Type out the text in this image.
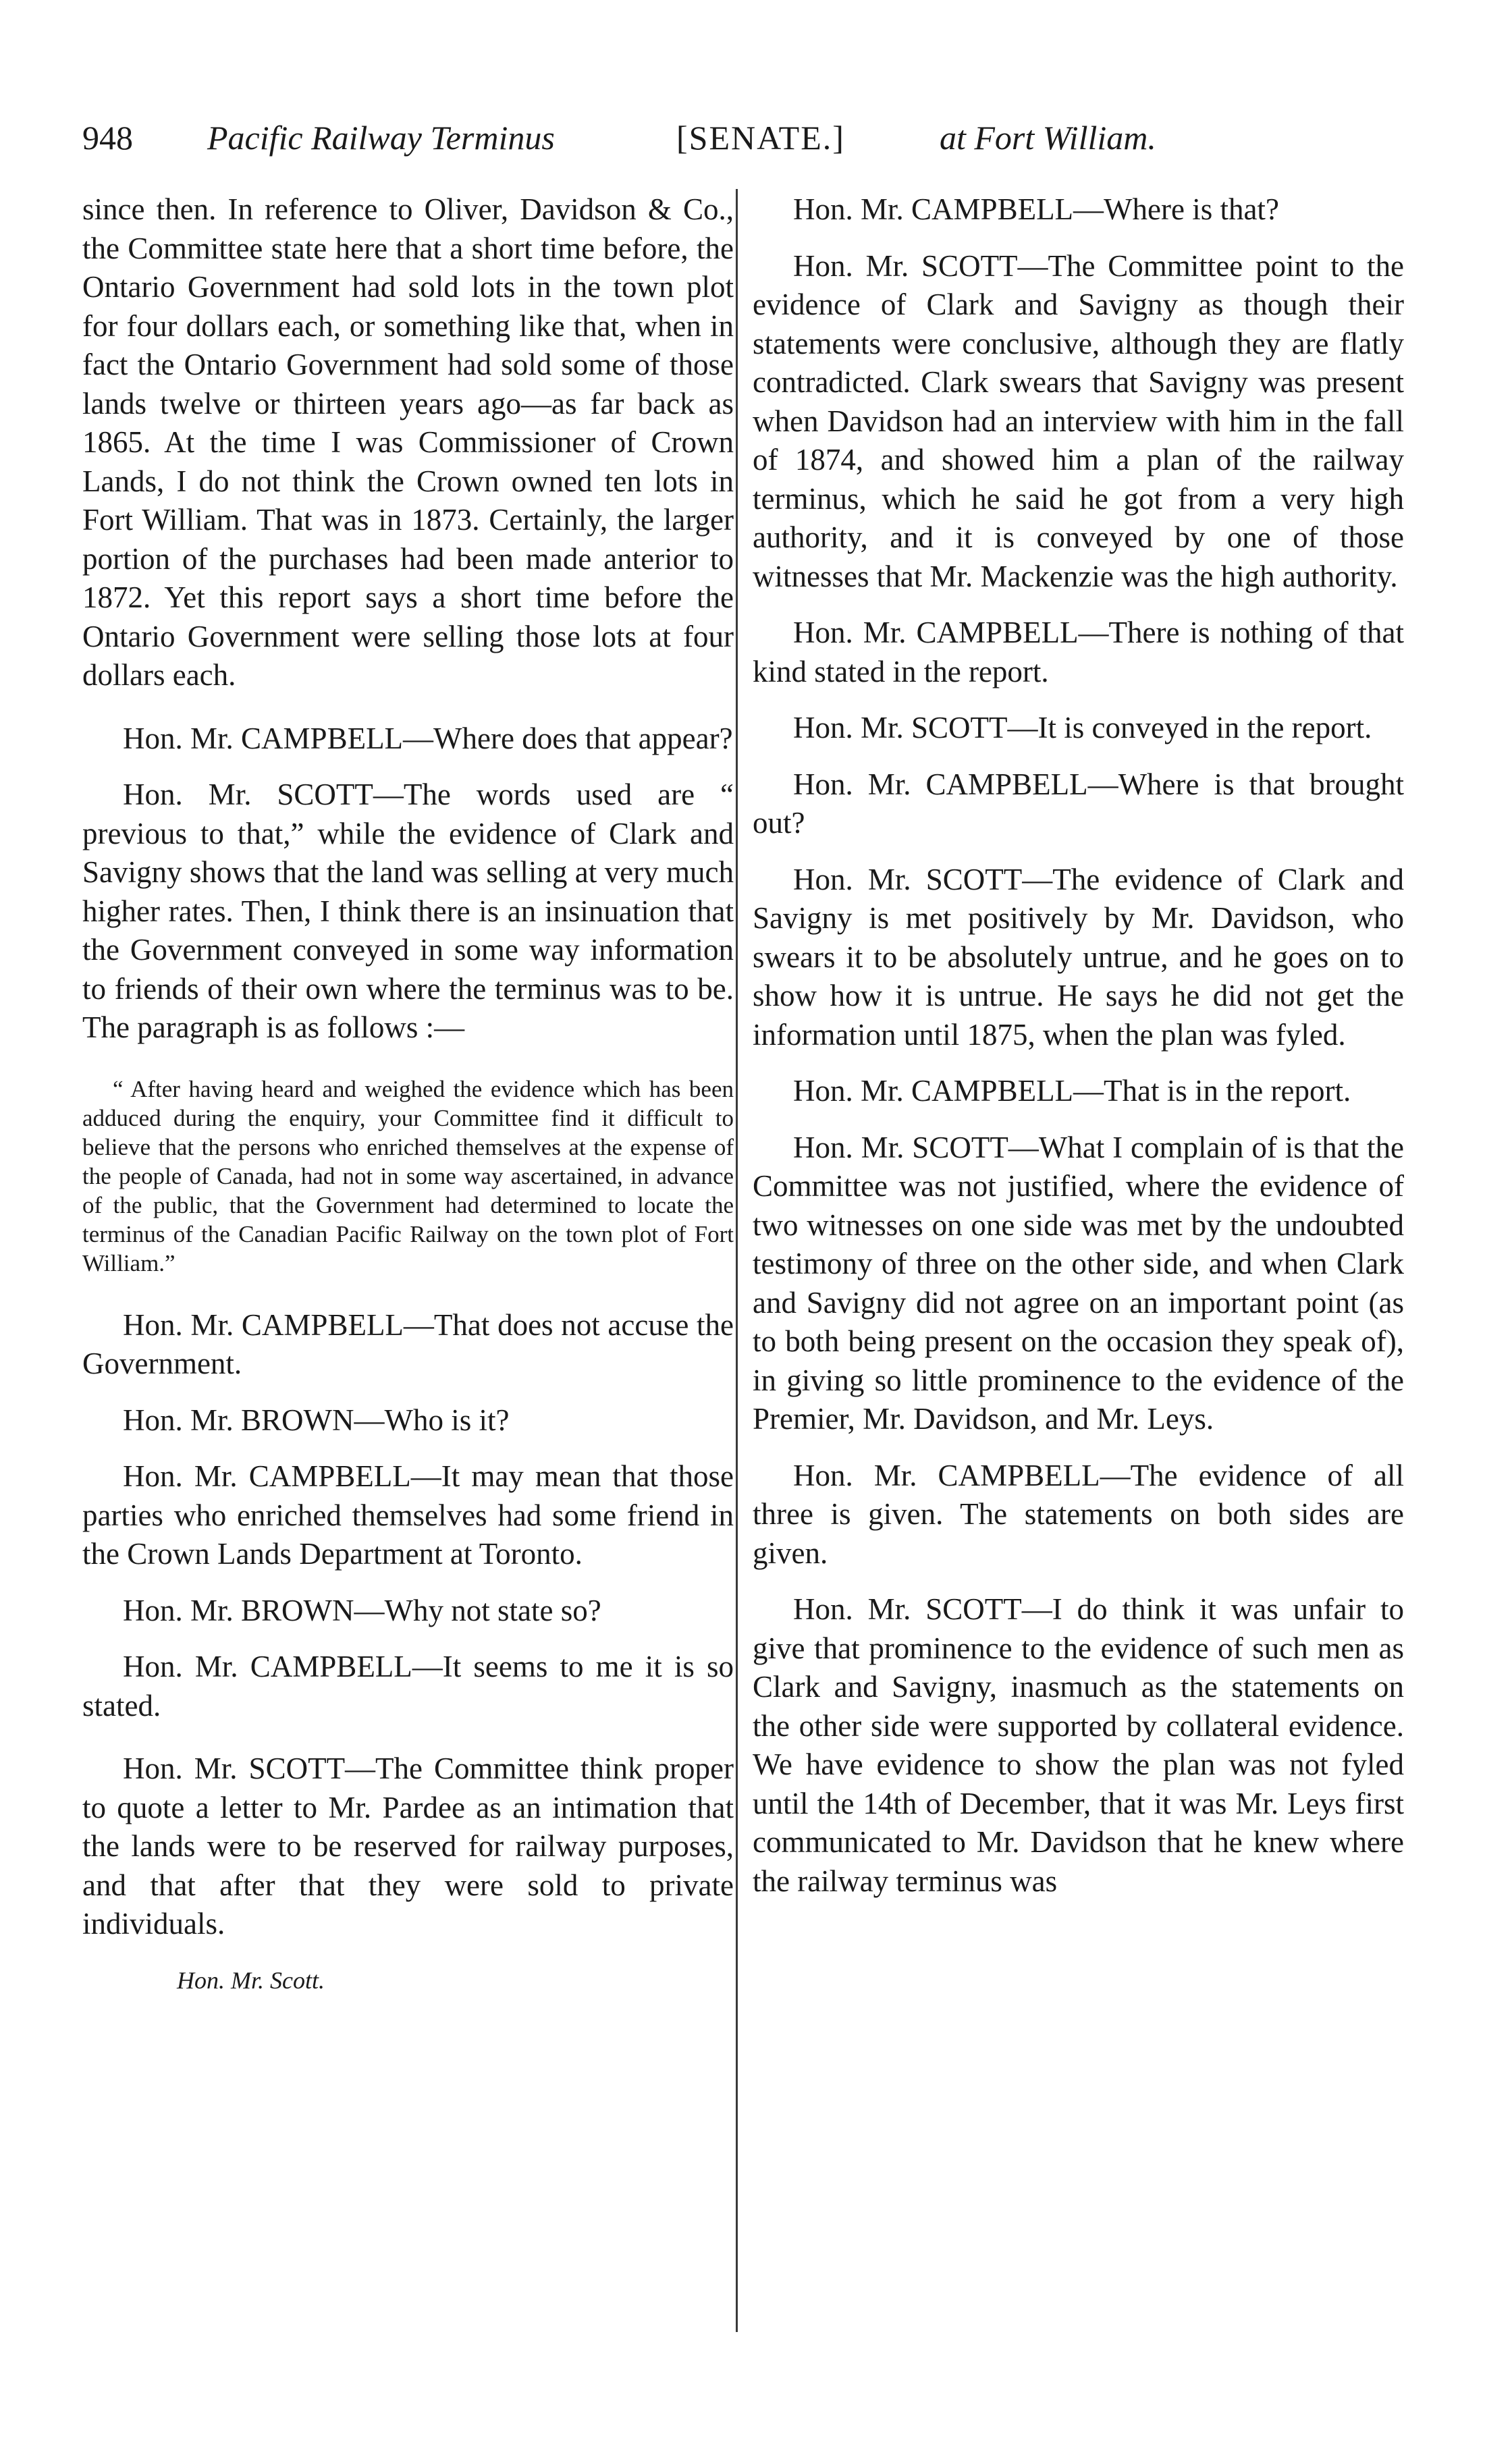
948 Pacific Railway Terminus	[SENATE.]	at Fort William.

since then. In reference to Oliver, Davidson & Co., the Committee state here that a short time before, the Ontario Government had sold lots in the town plot for four dollars each, or something like that, when in fact the Ontario Government had sold some of those lands twelve or thirteen years ago—as far back as 1865. At the time I was Commissioner of Crown Lands, I do not think the Crown owned ten lots in Fort William. That was in 1873. Certainly, the larger portion of the purchases had been made anterior to 1872. Yet this report says a short time before the Ontario Government were selling those lots at four dollars each.

Hon. Mr. CAMPBELL—Where does that appear?

Hon. Mr. SCOTT—The words used are “ previous to that,” while the evidence of Clark and Savigny shows that the land was selling at very much higher rates. Then, I think there is an insinuation that the Government conveyed in some way information to friends of their own where the terminus was to be. The paragraph is as follows :—

“ After having heard and weighed the evidence which has been adduced during the enquiry, your Committee find it difficult to believe that the persons who enriched themselves at the expense of the people of Canada, had not in some way ascertained, in advance of the public, that the Government had determined to locate the terminus of the Canadian Pacific Railway on the town plot of Fort William.”

Hon. Mr. CAMPBELL—That does not accuse the Government.

Hon. Mr. BROWN—Who is it?

Hon. Mr. CAMPBELL—It may mean that those parties who enriched themselves had some friend in the Crown Lands Department at Toronto.

Hon. Mr. BROWN—Why not state so?

Hon. Mr. CAMPBELL—It seems to me it is so stated.

Hon. Mr. SCOTT—The Committee think proper to quote a letter to Mr. Pardee as an intimation that the lands were to be reserved for railway purposes, and that after that they were sold to private individuals.

Hon. Mr. Scott.

Hon. Mr. CAMPBELL—Where is that?

Hon. Mr. SCOTT—The Committee point to the evidence of Clark and Savigny as though their statements were conclusive, although they are flatly contradicted. Clark swears that Savigny was present when Davidson had an interview with him in the fall of 1874, and showed him a plan of the railway terminus, which he said he got from a very high authority, and it is conveyed by one of those witnesses that Mr. Mackenzie was the high authority.

Hon. Mr. CAMPBELL—There is nothing of that kind stated in the report.

Hon. Mr. SCOTT—It is conveyed in the report.

Hon. Mr. CAMPBELL—Where is that brought out?

Hon. Mr. SCOTT—The evidence of Clark and Savigny is met positively by Mr. Davidson, who swears it to be absolutely untrue, and he goes on to show how it is untrue. He says he did not get the information until 1875, when the plan was fyled.

Hon. Mr. CAMPBELL—That is in the report.

Hon. Mr. SCOTT—What I complain of is that the Committee was not justified, where the evidence of two witnesses on one side was met by the undoubted testimony of three on the other side, and when Clark and Savigny did not agree on an important point (as to both being present on the occasion they speak of), in giving so little prominence to the evidence of the Premier, Mr. Davidson, and Mr. Leys.

Hon. Mr. CAMPBELL—The evidence of all three is given. The statements on both sides are given.

Hon. Mr. SCOTT—I do think it was unfair to give that prominence to the evidence of such men as Clark and Savigny, inasmuch as the statements on the other side were supported by collateral evidence. We have evidence to show the plan was not fyled until the 14th of December, that it was Mr. Leys first communicated to Mr. Davidson that he knew where the railway terminus was
